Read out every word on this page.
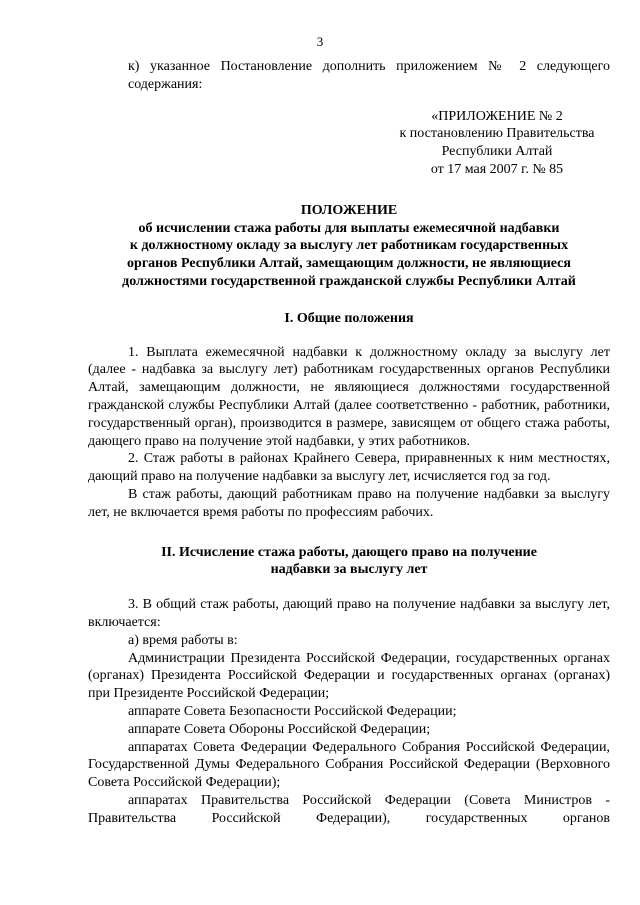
3

к) указанное Постановление дополнить приложением № 2 следующего
содержания:

«ПРИЛОЖЕНИЕ № 2
к постановлению Правительства
Республики Алтай
от 17 мая 2007 г. № 85
ПОЛОЖЕНИЕ
об исчислении стажа работы для выплаты ежемесячной надбавки
к должностному окладу за выслугу лет работникам государственных
органов Республики Алтай, замещающим должности, не являющиеся
должностями государственной гражданской службы Республики Алтай
I. Общие положения

1. Выплата ежемесячной надбавки к должностному окладу за выслугу лет (далее - надбавка за выслугу лет) работникам государственных органов Республики Алтай, замещающим должности, не являющиеся должностями государственной гражданской службы Республики Алтай (далее соответственно - работник, работники, государственный орган), производится в размере, зависящем от общего стажа работы, дающего право на получение этой надбавки, у этих работников.

2. Стаж работы в районах Крайнего Севера, приравненных к ним местностях, дающий право на получение надбавки за выслугу лет, исчисляется год за год.

В стаж работы, дающий работникам право на получение надбавки за выслугу лет, не включается время работы по профессиям рабочих.

II. Исчисление стажа работы, дающего право на получение
надбавки за выслугу лет

3. В общий стаж работы, дающий право на получение надбавки за выслугу лет, включается:

а) время работы в:

Администрации Президента Российской Федерации, государственных органах (органах) Президента Российской Федерации и государственных органах (органах) при Президенте Российской Федерации;

аппарате Совета Безопасности Российской Федерации;

аппарате Совета Обороны Российской Федерации;

аппаратах Совета Федерации Федерального Собрания Российской Федерации, Государственной Думы Федерального Собрания Российской Федерации (Верховного Совета Российской Федерации);

аппаратах Правительства Российской Федерации (Совета Министров - Правительства Российской Федерации), государственных органов
